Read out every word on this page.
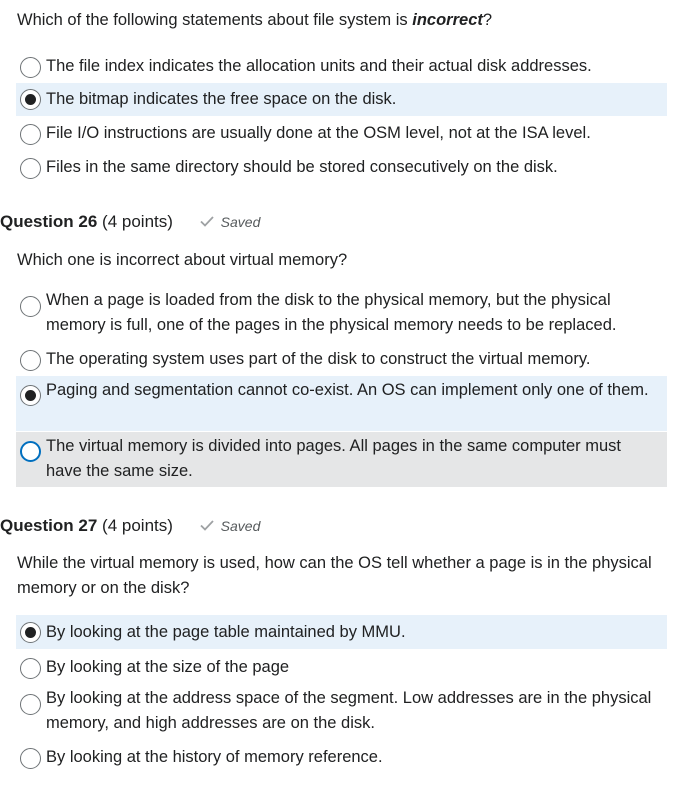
Which of the following statements about file system is incorrect?
The file index indicates the allocation units and their actual disk addresses.
The bitmap indicates the free space on the disk.
File I/O instructions are usually done at the OSM level, not at the ISA level.
Files in the same directory should be stored consecutively on the disk.
Question 26 (4 points)	Saved
Which one is incorrect about virtual memory?
When a page is loaded from the disk to the physical memory, but the physical memory is full, one of the pages in the physical memory needs to be replaced.
The operating system uses part of the disk to construct the virtual memory.
Paging and segmentation cannot co-exist. An OS can implement only one of them.
The virtual memory is divided into pages. All pages in the same computer must have the same size.
Question 27 (4 points)	Saved
While the virtual memory is used, how can the OS tell whether a page is in the physical memory or on the disk?
By looking at the page table maintained by MMU.
By looking at the size of the page
By looking at the address space of the segment. Low addresses are in the physical memory, and high addresses are on the disk.
By looking at the history of memory reference.
